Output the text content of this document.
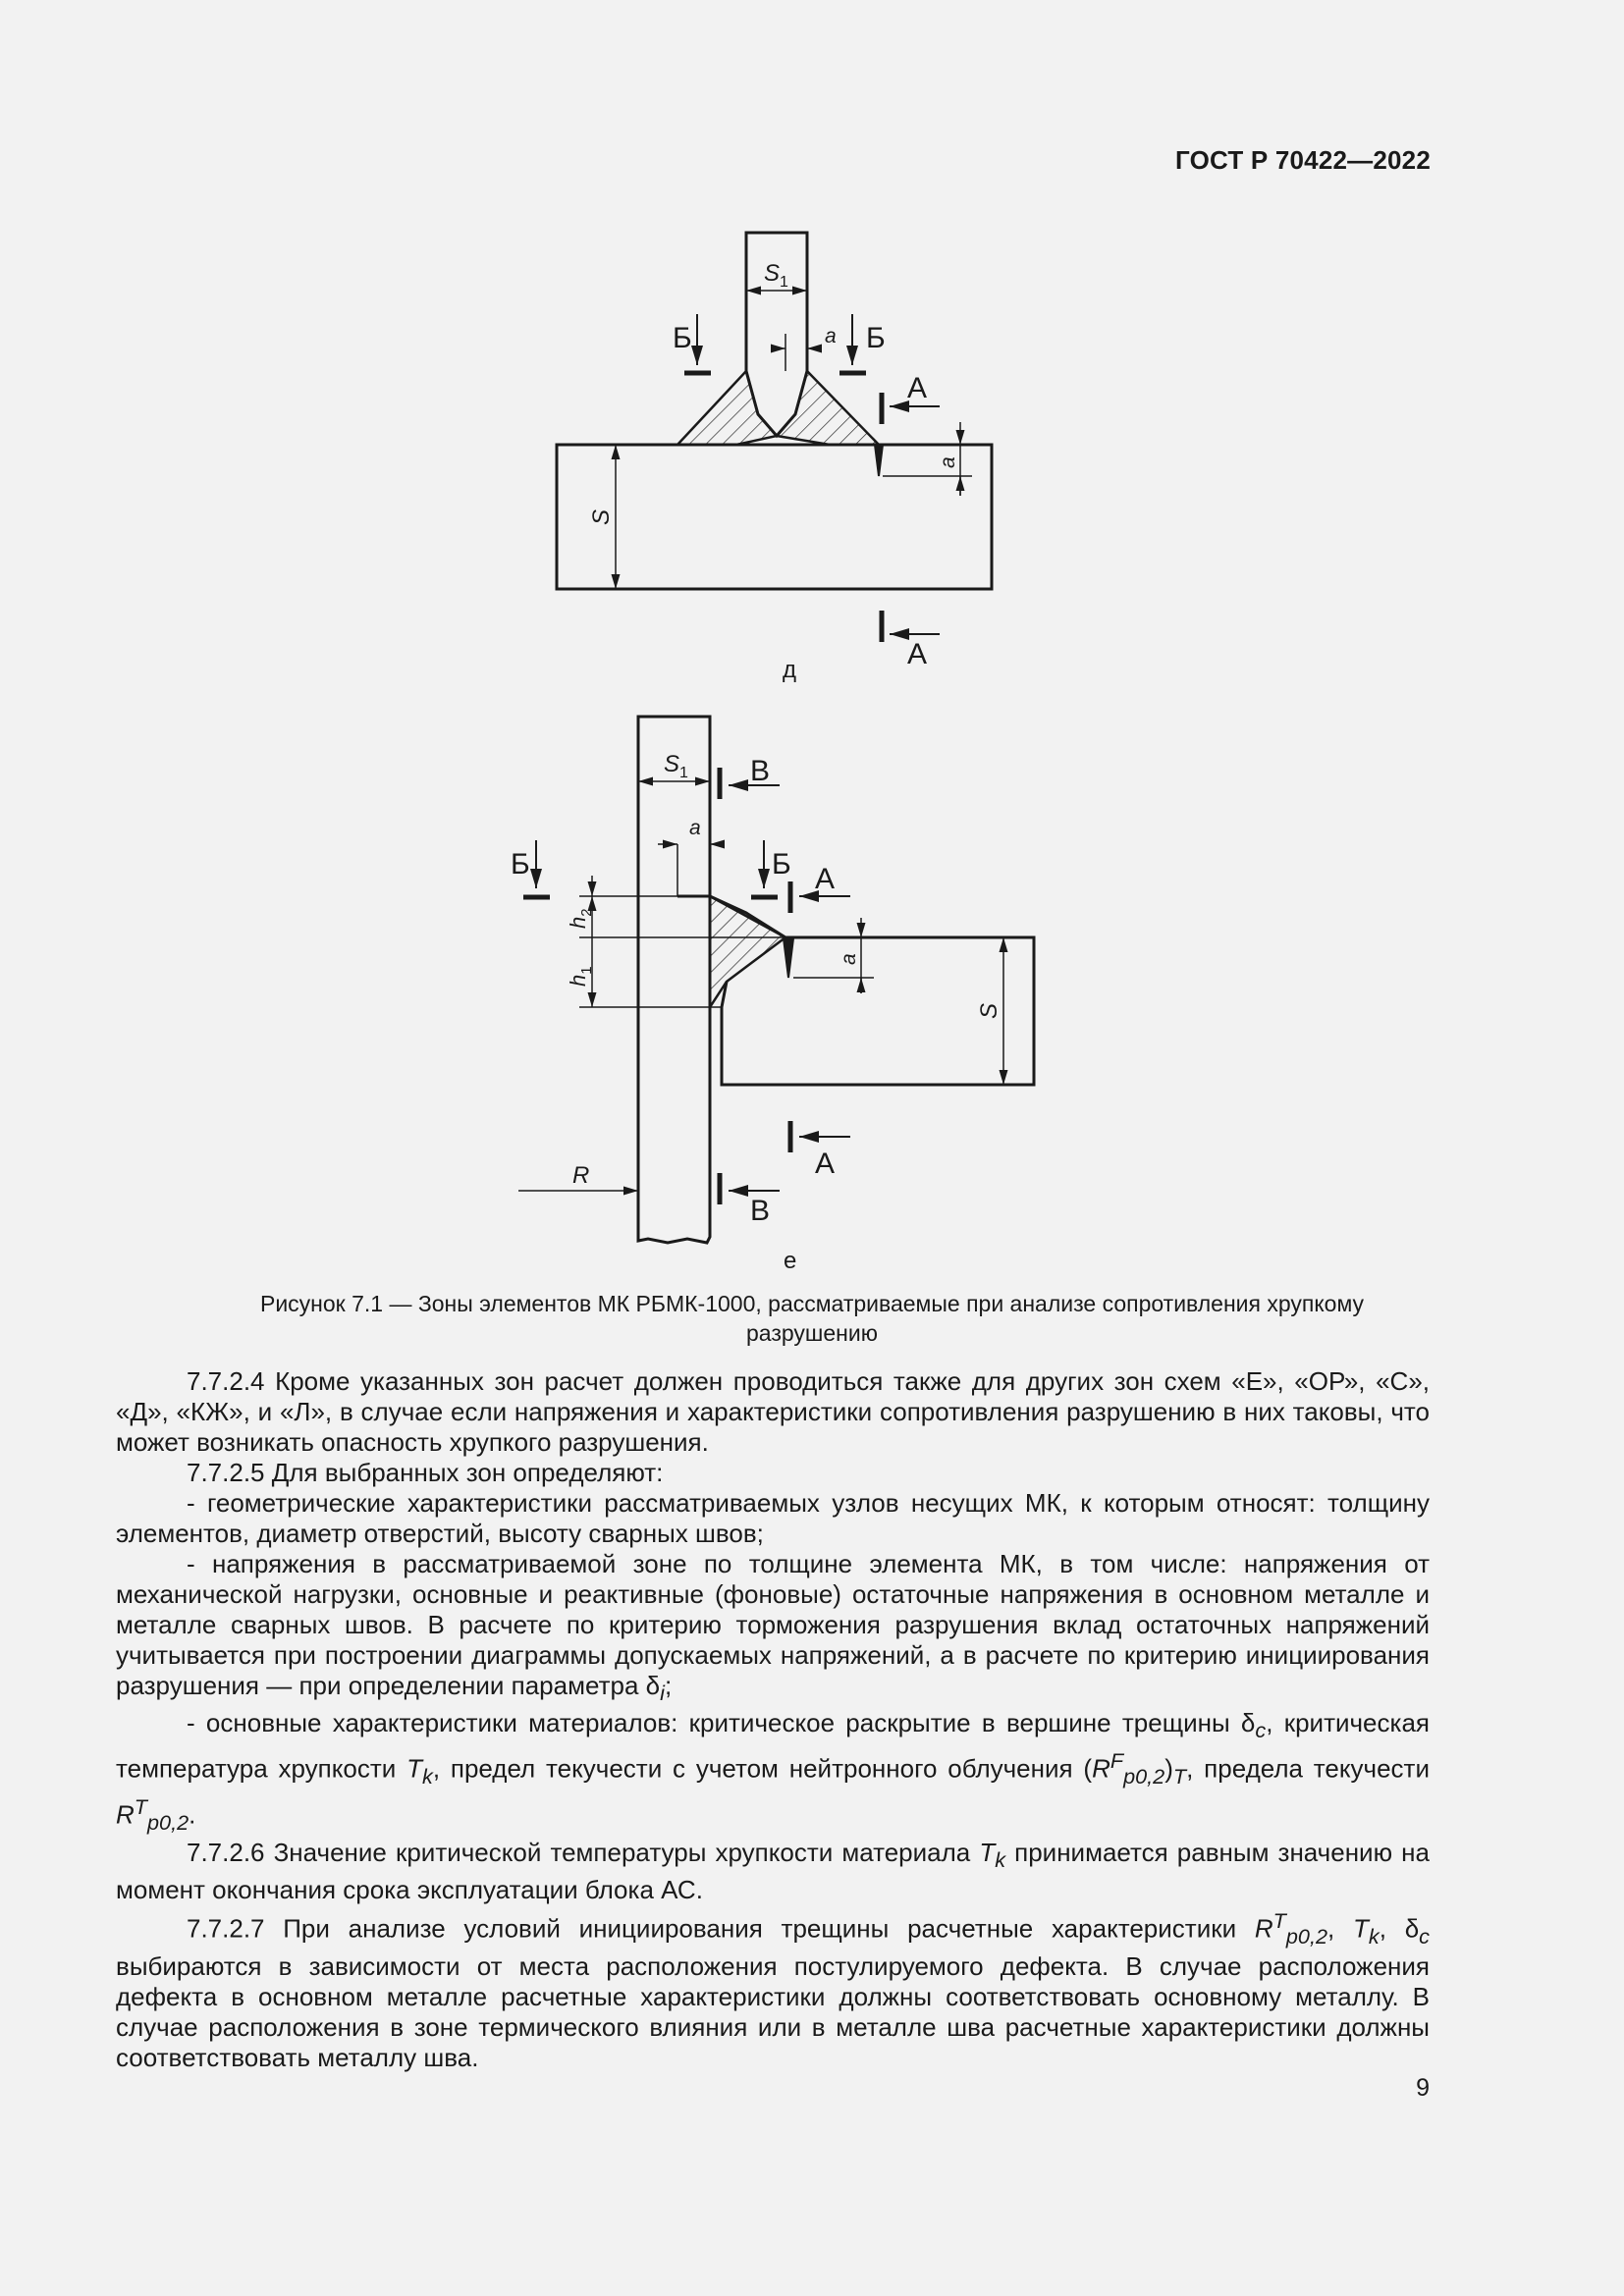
ГОСТ Р 70422—2022
$S_1$
a
Б	Б
А
А
a
S
д
$S_1$ В
В
a
Б	Б А
А
$h_2$
$h_1$
a
S
R
е
Рисунок 7.1 — Зоны элементов МК РБМК-1000, рассматриваемые при анализе сопротивления хрупкому
разрушению

7.7.2.4 Кроме указанных зон расчет должен проводиться также для других зон схем «Е», «ОР», «С», «Д», «КЖ», и «Л», в случае если напряжения и характеристики сопротивления разрушению в них таковы, что может возникать опасность хрупкого разрушения.

7.7.2.5 Для выбранных зон определяют:

- геометрические характеристики рассматриваемых узлов несущих МК, к которым относят: толщину элементов, диаметр отверстий, высоту сварных швов;

- напряжения в рассматриваемой зоне по толщине элемента МК, в том числе: напряжения от механической нагрузки, основные и реактивные (фоновые) остаточные напряжения в основном металле и металле сварных швов. В расчете по критерию торможения разрушения вклад остаточных напряжений учитывается при построении диаграммы допускаемых напряжений, а в расчете по критерию инициирования разрушения — при определении параметра $\delta_i$;

- основные характеристики материалов: критическое раскрытие в вершине трещины $\delta_c$, критическая температура хрупкости $T_k$, предел текучести с учетом нейтронного облучения $(R^F_{p0,2})_T$, предела текучести $R^T_{p0,2}$.

7.7.2.6 Значение критической температуры хрупкости материала $T_k$ принимается равным значению на момент окончания срока эксплуатации блока АС.

7.7.2.7 При анализе условий инициирования трещины расчетные характеристики $R^T_{p0,2}$, $T_k$, $\delta_c$ выбираются в зависимости от места расположения постулируемого дефекта. В случае расположения дефекта в основном металле расчетные характеристики должны соответствовать основному металлу. В случае расположения в зоне термического влияния или в металле шва расчетные характеристики должны соответствовать металлу шва.

9
